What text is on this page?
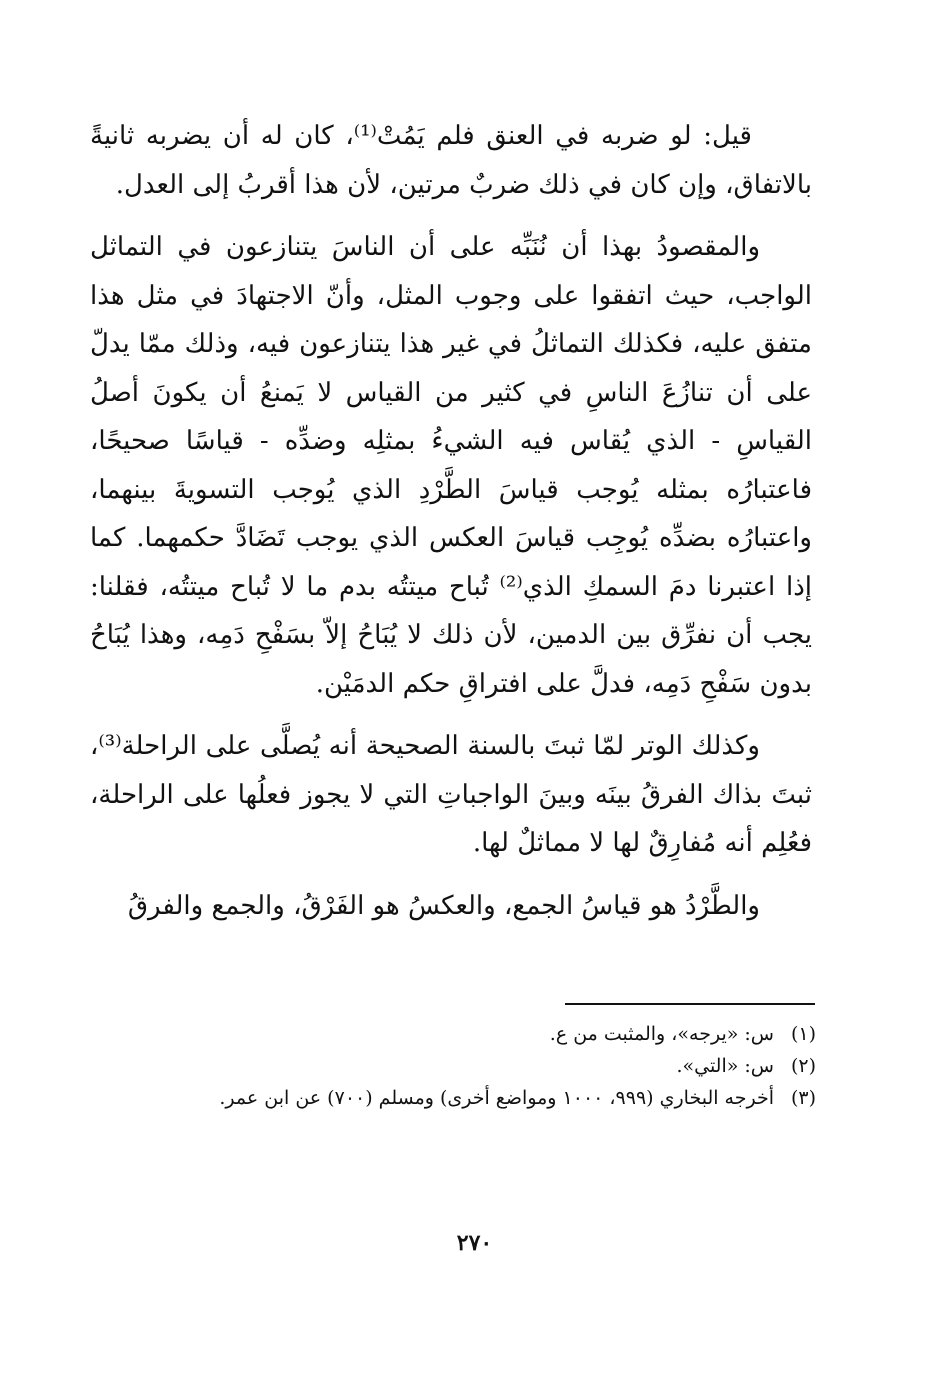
قيل: لو ضربه في العنق فلم يَمُتْ⁽¹⁾، كان له أن يضربه ثانيةً بالاتفاق، وإن كان في ذلك ضربٌ مرتين، لأن هذا أقربُ إلى العدل.

والمقصودُ بهذا أن نُنَبِّه على أن الناسَ يتنازعون في التماثل الواجب، حيث اتفقوا على وجوب المثل، وأنّ الاجتهادَ في مثل هذا متفق عليه، فكذلك التماثلُ في غير هذا يتنازعون فيه، وذلك ممّا يدلّ على أن تنازُعَ الناسِ في كثير من القياس لا يَمنعُ أن يكونَ أصلُ القياسِ - الذي يُقاس فيه الشيءُ بمثلِه وضدِّه - قياسًا صحيحًا، فاعتبارُه بمثله يُوجب قياسَ الطَّرْدِ الذي يُوجب التسويةَ بينهما، واعتبارُه بضدِّه يُوجِب قياسَ العكس الذي يوجب تَضَادَّ حكمهما. كما إذا اعتبرنا دمَ السمكِ الذي⁽²⁾ تُباح ميتتُه بدم ما لا تُباح ميتتُه، فقلنا: يجب أن نفرِّق بين الدمين، لأن ذلك لا يُبَاحُ إلاّ بسَفْحِ دَمِه، وهذا يُبَاحُ بدون سَفْحِ دَمِه، فدلَّ على افتراقِ حكم الدمَيْن.

وكذلك الوتر لمّا ثبتَ بالسنة الصحيحة أنه يُصلَّى على الراحلة⁽³⁾، ثبتَ بذاك الفرقُ بينَه وبينَ الواجباتِ التي لا يجوز فعلُها على الراحلة، فعُلِم أنه مُفارِقٌ لها لا مماثلٌ لها.

والطَّرْدُ هو قياسُ الجمع، والعكسُ هو الفَرْقُ، والجمع والفرقُ

(١)
س: «يرجه»، والمثبت من ع.
(٢)
س: «التي».
(٣)
أخرجه البخاري (٩٩٩، ١٠٠٠ ومواضع أخرى) ومسلم (٧٠٠) عن ابن عمر.
٢٧٠
